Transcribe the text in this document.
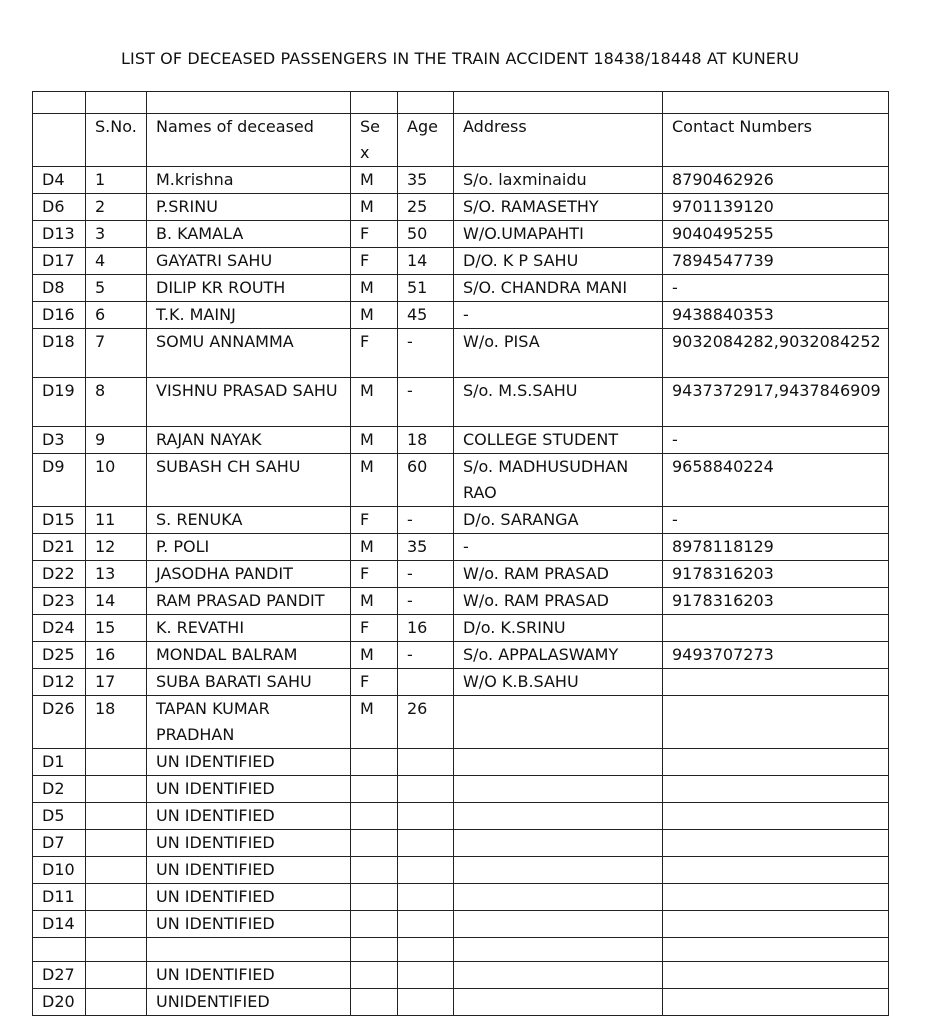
LIST OF DECEASED PASSENGERS IN THE TRAIN ACCIDENT 18438/18448 AT KUNERU

	S.No.	Names of deceased	Se
x	Age	Address	Contact Numbers
D4	1	M.krishna	M	35	S/o. laxminaidu	8790462926
D6	2	P.SRINU	M	25	S/O. RAMASETHY	9701139120
D13	3	B. KAMALA	F	50	W/O.UMAPAHTI	9040495255
D17	4	GAYATRI SAHU	F	14	D/O. K P SAHU	7894547739
D8	5	DILIP KR ROUTH	M	51	S/O. CHANDRA MANI	-
D16	6	T.K. MAINJ	M	45	-	9438840353
D18	7	SOMU ANNAMMA	F	-	W/o. PISA	9032084282,9032084252
D19	8	VISHNU PRASAD SAHU	M	-	S/o. M.S.SAHU	9437372917,9437846909
D3	9	RAJAN NAYAK	M	18	COLLEGE STUDENT	-
D9	10	SUBASH CH SAHU	M	60	S/o. MADHUSUDHAN RAO	9658840224
D15	11	S. RENUKA	F	-	D/o. SARANGA	-
D21	12	P. POLI	M	35	-	8978118129
D22	13	JASODHA PANDIT	F	-	W/o. RAM PRASAD	9178316203
D23	14	RAM PRASAD PANDIT	M	-	W/o. RAM PRASAD	9178316203
D24	15	K. REVATHI	F	16	D/o. K.SRINU	
D25	16	MONDAL BALRAM	M	-	S/o. APPALASWAMY	9493707273
D12	17	SUBA BARATI SAHU	F		W/O K.B.SAHU	
D26	18	TAPAN KUMAR PRADHAN	M	26		
D1		UN IDENTIFIED				
D2		UN IDENTIFIED				
D5		UN IDENTIFIED				
D7		UN IDENTIFIED				
D10		UN IDENTIFIED				
D11		UN IDENTIFIED				
D14		UN IDENTIFIED				

D27		UN IDENTIFIED				
D20		UNIDENTIFIED				
